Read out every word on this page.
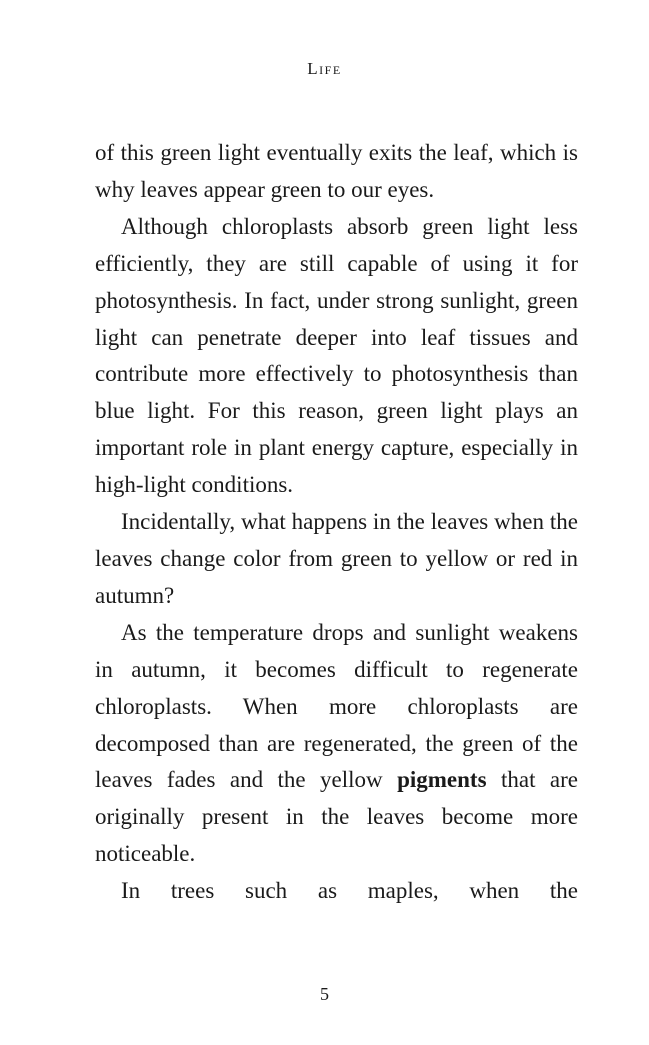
Life

of this green light eventually exits the leaf, which is why leaves appear green to our eyes.

Although chloroplasts absorb green light less efficiently, they are still capable of using it for photosynthesis. In fact, under strong sunlight, green light can penetrate deeper into leaf tissues and contribute more effectively to photosynthesis than blue light. For this reason, green light plays an important role in plant energy capture, especially in high-light conditions.

Incidentally, what happens in the leaves when the leaves change color from green to yellow or red in autumn?

As the temperature drops and sunlight weakens in autumn, it becomes difficult to regenerate chloroplasts. When more chloroplasts are decomposed than are regenerated, the green of the leaves fades and the yellow pigments that are originally present in the leaves become more noticeable.

In trees such as maples, when the

5
